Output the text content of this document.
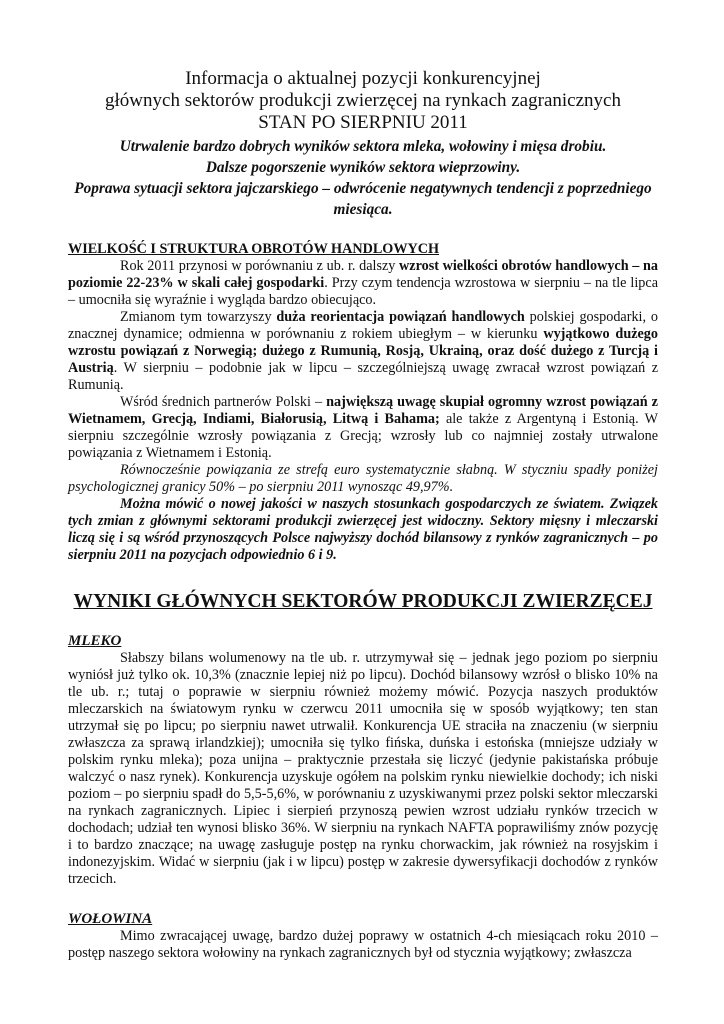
Informacja o aktualnej pozycji konkurencyjnej
głównych sektorów produkcji zwierzęcej na rynkach zagranicznych
STAN PO SIERPNIU 2011
Utrwalenie bardzo dobrych wyników sektora mleka, wołowiny i mięsa drobiu.
Dalsze pogorszenie wyników sektora wieprzowiny.
Poprawa sytuacji sektora jajczarskiego – odwrócenie negatywnych tendencji z poprzedniego miesiąca.
WIELKOŚĆ I STRUKTURA OBROTÓW HANDLOWYCH

Rok 2011 przynosi w porównaniu z ub. r. dalszy wzrost wielkości obrotów handlowych – na poziomie 22-23% w skali całej gospodarki. Przy czym tendencja wzrostowa w sierpniu – na tle lipca – umocniła się wyraźnie i wygląda bardzo obiecująco.

Zmianom tym towarzyszy duża reorientacja powiązań handlowych polskiej gospodarki, o znacznej dynamice; odmienna w porównaniu z rokiem ubiegłym – w kierunku wyjątkowo dużego wzrostu powiązań z Norwegią; dużego z Rumunią, Rosją, Ukrainą, oraz dość dużego z Turcją i Austrią. W sierpniu – podobnie jak w lipcu – szczególniejszą uwagę zwracał wzrost powiązań z Rumunią.

Wśród średnich partnerów Polski – największą uwagę skupiał ogromny wzrost powiązań z Wietnamem, Grecją, Indiami, Białorusią, Litwą i Bahama; ale także z Argentyną i Estonią. W sierpniu szczególnie wzrosły powiązania z Grecją; wzrosły lub co najmniej zostały utrwalone powiązania z Wietnamem i Estonią.

Równocześnie powiązania ze strefą euro systematycznie słabną. W styczniu spadły poniżej psychologicznej granicy 50% – po sierpniu 2011 wynosząc 49,97%.

Można mówić o nowej jakości w naszych stosunkach gospodarczych ze światem. Związek tych zmian z głównymi sektorami produkcji zwierzęcej jest widoczny. Sektory mięsny i mleczarski liczą się i są wśród przynoszących Polsce najwyższy dochód bilansowy z rynków zagranicznych – po sierpniu 2011 na pozycjach odpowiednio 6 i 9.

WYNIKI GŁÓWNYCH SEKTORÓW PRODUKCJI ZWIERZĘCEJ
MLEKO

Słabszy bilans wolumenowy na tle ub. r. utrzymywał się – jednak jego poziom po sierpniu wyniósł już tylko ok. 10,3% (znacznie lepiej niż po lipcu). Dochód bilansowy wzrósł o blisko 10% na tle ub. r.; tutaj o poprawie w sierpniu również możemy mówić. Pozycja naszych produktów mleczarskich na światowym rynku w czerwcu 2011 umocniła się w sposób wyjątkowy; ten stan utrzymał się po lipcu; po sierpniu nawet utrwalił. Konkurencja UE straciła na znaczeniu (w sierpniu zwłaszcza za sprawą irlandzkiej); umocniła się tylko fińska, duńska i estońska (mniejsze udziały w polskim rynku mleka); poza unijna – praktycznie przestała się liczyć (jedynie pakistańska próbuje walczyć o nasz rynek). Konkurencja uzyskuje ogółem na polskim rynku niewielkie dochody; ich niski poziom – po sierpniu spadł do 5,5-5,6%, w porównaniu z uzyskiwanymi przez polski sektor mleczarski na rynkach zagranicznych. Lipiec i sierpień przynoszą pewien wzrost udziału rynków trzecich w dochodach; udział ten wynosi blisko 36%. W sierpniu na rynkach NAFTA poprawiliśmy znów pozycję i to bardzo znaczące; na uwagę zasługuje postęp na rynku chorwackim, jak również na rosyjskim i indonezyjskim. Widać w sierpniu (jak i w lipcu) postęp w zakresie dywersyfikacji dochodów z rynków trzecich.

WOŁOWINA

Mimo zwracającej uwagę, bardzo dużej poprawy w ostatnich 4-ch miesiącach roku 2010 – postęp naszego sektora wołowiny na rynkach zagranicznych był od stycznia wyjątkowy; zwłaszcza
